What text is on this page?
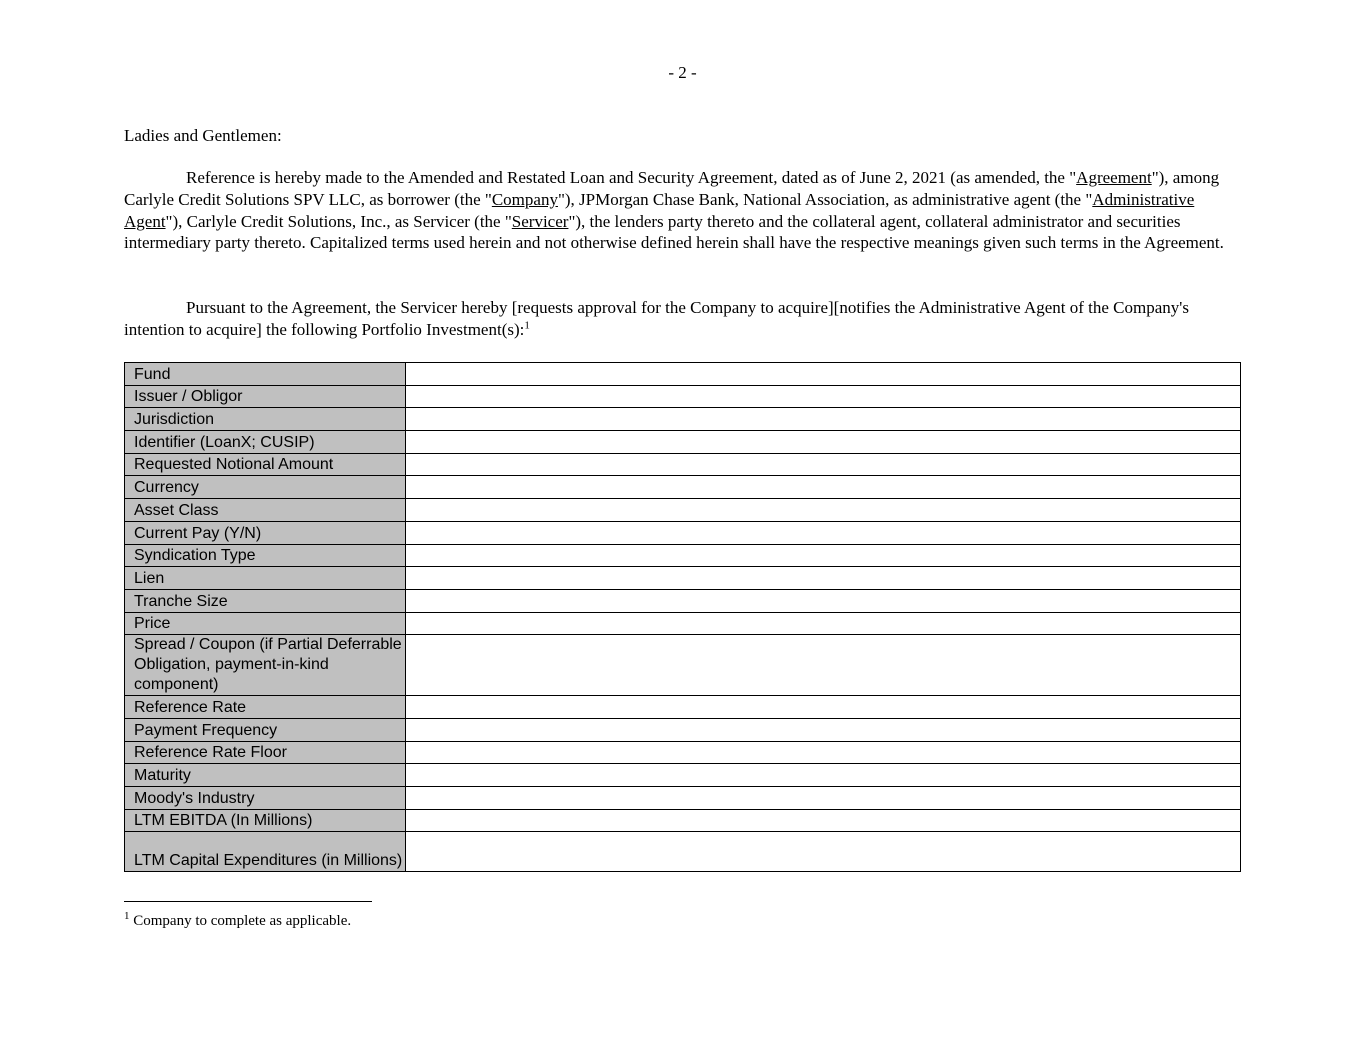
- 2 -
Ladies and Gentlemen:

Reference is hereby made to the Amended and Restated Loan and Security Agreement, dated as of June 2, 2021 (as amended, the "Agreement"), among Carlyle Credit Solutions SPV LLC, as borrower (the "Company"), JPMorgan Chase Bank, National Association, as administrative agent (the "Administrative Agent"), Carlyle Credit Solutions, Inc., as Servicer (the "Servicer"), the lenders party thereto and the collateral agent, collateral administrator and securities intermediary party thereto. Capitalized terms used herein and not otherwise defined herein shall have the respective meanings given such terms in the Agreement.

Pursuant to the Agreement, the Servicer hereby [requests approval for the Company to acquire][notifies the Administrative Agent of the Company's intention to acquire] the following Portfolio Investment(s):$^1$

Fund	
Issuer / Obligor	
Jurisdiction	
Identifier (LoanX; CUSIP)	
Requested Notional Amount	
Currency	
Asset Class	
Current Pay (Y/N)	
Syndication Type	
Lien	
Tranche Size	
Price	
Spread / Coupon (if Partial Deferrable Obligation, payment-in-kind component)	
Reference Rate	
Payment Frequency	
Reference Rate Floor	
Maturity	
Moody's Industry	
LTM EBITDA (In Millions)	
LTM Capital Expenditures (in Millions)	
$^1$ Company to complete as applicable.
